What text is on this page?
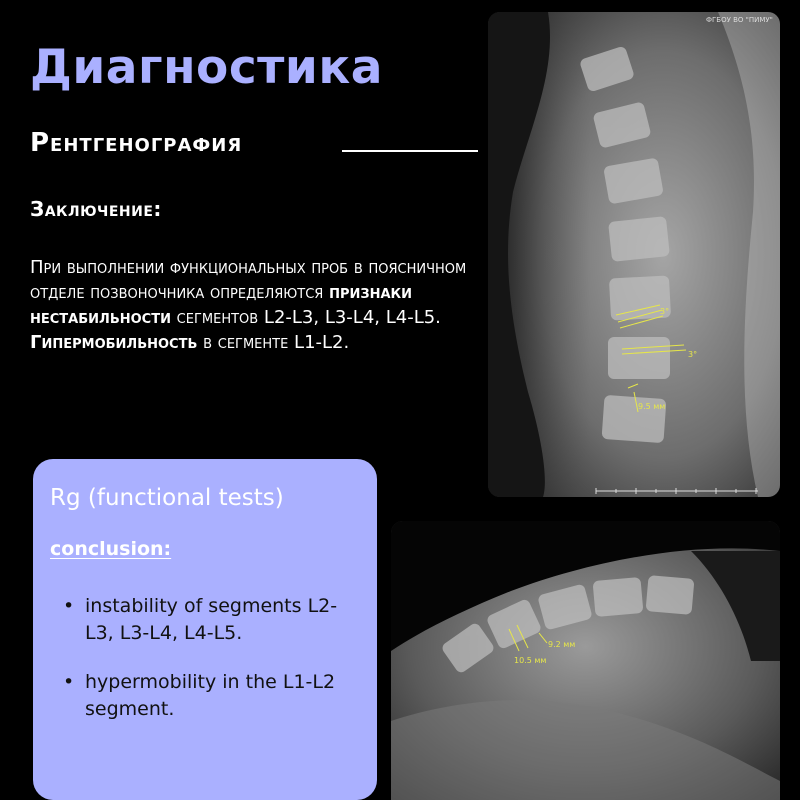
Диагностика
Рентгенография
Заключение:

При выполнении функциональных проб в поясничном отделе позвоночника определяются признаки нестабильности сегментов L2-L3, L3-L4, L4-L5. Гипермобильность в сегменте L1-L2.

Rg (functional tests)
conclusion:
• instability of segments L2-L3, L3-L4, L4-L5.
• hypermobility in the L1-L2 segment.
3°
3°
9.5 мм
ФГБОУ ВО "ПИМУ"
9.2 мм
10.5 мм
